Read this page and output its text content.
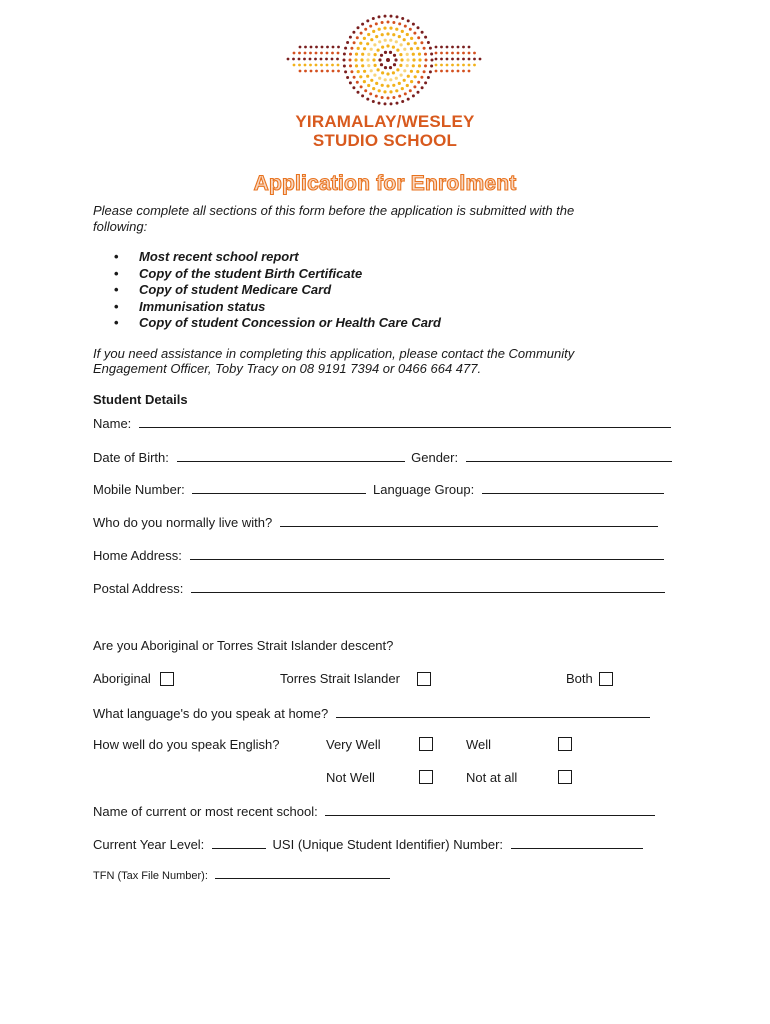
YIRAMALAY/WESLEY
STUDIO SCHOOL
Application for Enrolment
Please complete all sections of this form before the application is submitted with the
following:
• Most recent school report
• Copy of the student Birth Certificate
• Copy of student Medicare Card
• Immunisation status
• Copy of student Concession or Health Care Card
If you need assistance in completing this application, please contact the Community
Engagement Officer, Toby Tracy on 08 9191 7394 or 0466 664 477.
Student Details
Name:
Date of Birth:	Gender:
Mobile Number:	Language Group:
Who do you normally live with?
Home Address:
Postal Address:
Are you Aboriginal or Torres Strait Islander descent?
Aboriginal	Torres Strait Islander	Both
What language's do you speak at home?
How well do you speak English?	Very Well	Well
Not Well	Not at all
Name of current or most recent school:
Current Year Level:	USI (Unique Student Identifier) Number:
TFN (Tax File Number):
